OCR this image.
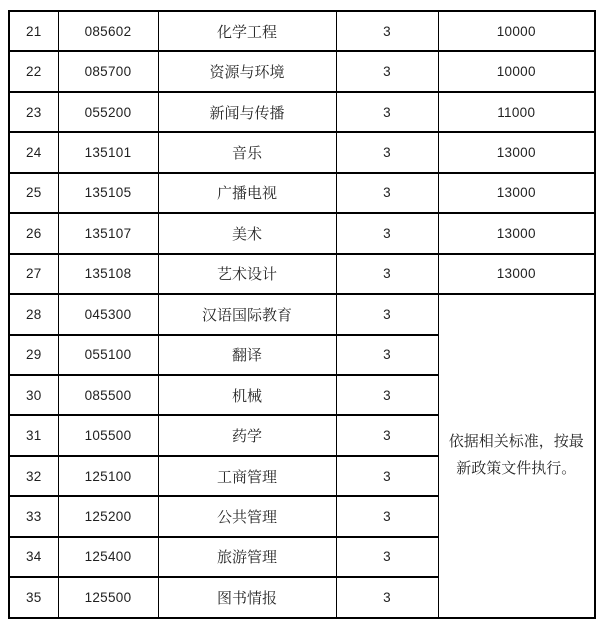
21	085602	化学工程	3	10000
22	085700	资源与环境	3	10000
23	055200	新闻与传播	3	11000
24	135101	音乐	3	13000
25	135105	广播电视	3	13000
26	135107	美术	3	13000
27	135108	艺术设计	3	13000
28	045300	汉语国际教育	3	依据相关标准，按最
新政策文件执行。

29	055100	翻译	3	
30	085500	机械	3	
31	105500	药学	3	
32	125100	工商管理	3	
33	125200	公共管理	3	
34	125400	旅游管理	3	
35	125500	图书情报	3	
